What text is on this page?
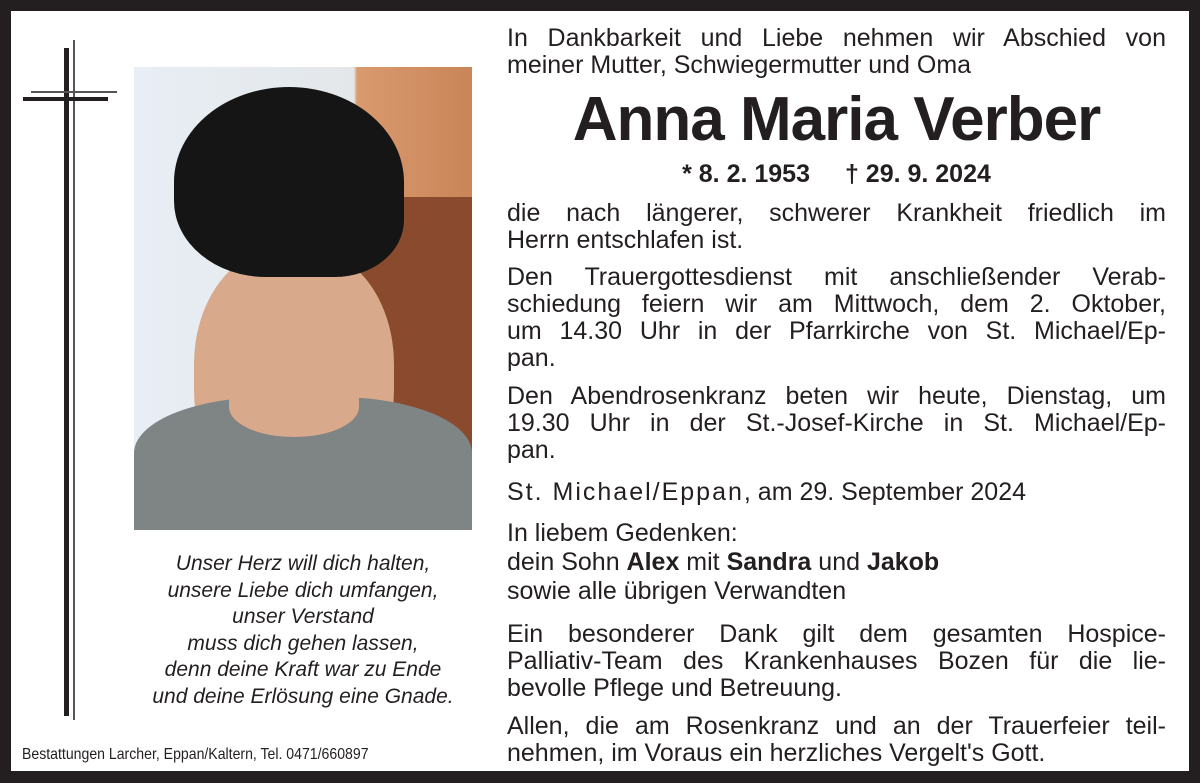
Unser Herz will dich halten,
unsere Liebe dich umfangen,
unser Verstand
muss dich gehen lassen,
denn deine Kraft war zu Ende
und deine Erlösung eine Gnade.
Bestattungen Larcher, Eppan/Kaltern, Tel. 0471/660897
In Dankbarkeit und Liebe nehmen wir Abschied von
meiner Mutter, Schwiegermutter und Oma
Anna Maria Verber
* 8. 2. 1953 † 29. 9. 2024
die nach längerer, schwerer Krankheit friedlich im
Herrn entschlafen ist.
Den Trauergottesdienst mit anschließender Verab-
schiedung feiern wir am Mittwoch, dem 2. Oktober,
um 14.30 Uhr in der Pfarrkirche von St. Michael/Ep-
pan.
Den Abendrosenkranz beten wir heute, Dienstag, um
19.30 Uhr in der St.-Josef-Kirche in St. Michael/Ep-
pan.
St. Michael/Eppan, am 29. September 2024
In liebem Gedenken:
dein Sohn Alex mit Sandra und Jakob
sowie alle übrigen Verwandten
Ein besonderer Dank gilt dem gesamten Hospice-
Palliativ-Team des Krankenhauses Bozen für die lie-
bevolle Pflege und Betreuung.
Allen, die am Rosenkranz und an der Trauerfeier teil-
nehmen, im Voraus ein herzliches Vergelt's Gott.
